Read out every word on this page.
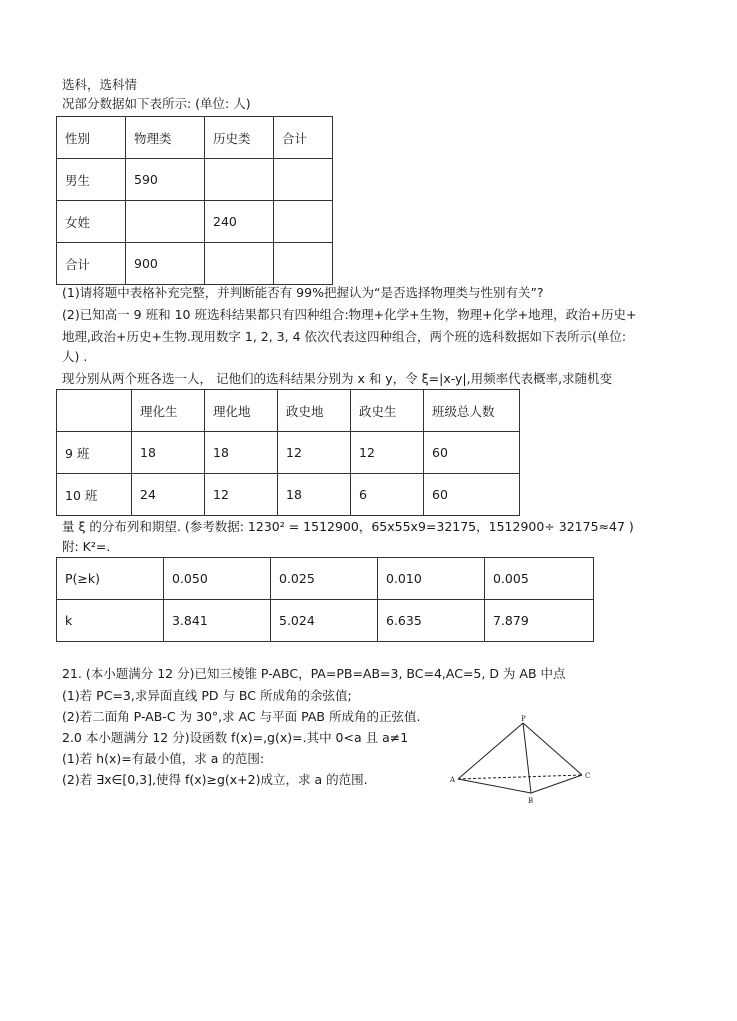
选科，选科情
况部分数据如下表所示: (单位: 人)
性别	物理类	历史类	合计
男生	590		
女姓		240	
合计	900		
(1)请将题中表格补充完整，并判断能否有 99%把握认为“是否选择物理类与性别有关”?
(2)已知高一 9 班和 10 班选科结果都只有四种组合:物理+化学+生物，物理+化学+地理，政治+历史+
地理,政治+历史+生物.现用数字 1, 2, 3, 4 依次代表这四种组合，两个班的选科数据如下表所示(单位:
人) .
现分别从两个班各选一人， 记他们的选科结果分别为 x 和 y，令 ξ=|x-y|,用频率代表概率,求随机变
	理化生	理化地	政史地	政史生	班级总人数
9 班	18	18	12	12	60
10 班	24	12	18	6	60
量 ξ 的分布列和期望. (参考数据: 1230² = 1512900，65x55x9=32175，1512900÷ 32175≈47 )
附: K²=.
P(≥k)	0.050	0.025	0.010	0.005
k	3.841	5.024	6.635	7.879
21. (本小题满分 12 分)已知三棱锥 P-ABC，PA=PB=AB=3, BC=4,AC=5, D 为 AB 中点
(1)若 PC=3,求异面直线 PD 与 BC 所成角的余弦值;
(2)若二面角 P-AB-C 为 30°,求 AC 与平面 PAB 所成角的正弦值.
2.0 本小题满分 12 分)设函数 f(x)=,g(x)=.其中 0<a 且 a≠1
(1)若 h(x)=有最小值，求 a 的范围:
(2)若 ∃x∈[0,3],使得 f(x)≥g(x+2)成立，求 a 的范围.
P
A
B
C
